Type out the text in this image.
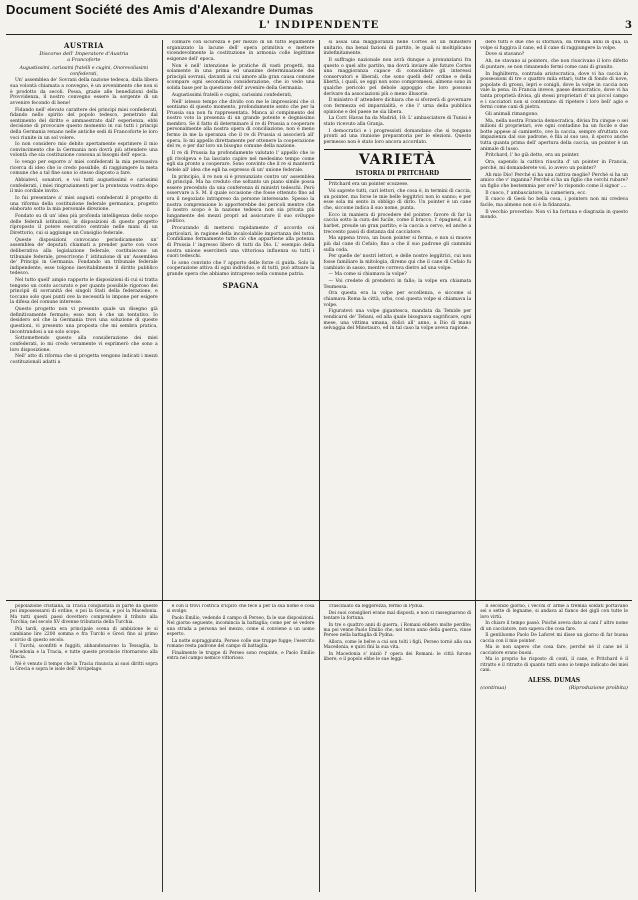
Document Société des Amis d'Alexandre Dumas
L' INDIPENDENTE	3
AUSTRIA
Discorso dell' Imperatore d'Austria
a Francoforte

Augustissimi, carissimi fratelli e cugini, Onorevolissimi confederati,

Un' assemblea de' Sovrani della nazione tedesca, dalla libera sua volontà chiamata a convegno, è un avvenimento che non si è prodotto da secoli. Possa, grazie alle benedizioni della Provvidenza, il nostro convegno essere la sorgente di un avvenire fecondo di bene!

Fidando nell' elevato carattere dei principi miei confederati, fidando nello spirito del popolo tedesco, penetrato dal sentimento del diritto e ammaestrato dall' esperienza, ebbi decisione di provocare questo momento in cui tutti i principi della Germania renano nelle antiche sedi di Francoforte le loro voci riunite in un sol volere.

Io non considero mio debito apertamente esprimere il mio convincimento che la Germania non dovrà più attendere una volontà che sia costituzione consona ai bisogni dell' epoca.

Io vengo per esporre a' miei confederati la mia persuasiva ricerca di ideo che io credo possibile, di raggiungere la meta comune che a tal fine sono io stesso disposto a fare.

Abbiatevi, sonatori, e voi tutti augustissimi e carissimi confederati, i miei ringraziamenti per la prontezza vostra dopo il mio cordiale invito.

Io fui presentare a' miei augusti confederati il progetto di una riforma della costituzione federale germanica, progetto elaborato sotto la mia personale direzione.

Fondato su di un' idea più profonda intelligenza dello scopo delle federali istituzioni, lo disposizioni di questo progetto riproposto il potere esecutivo centrale nelle mani di un Direttorio, cui si aggiunge un Consiglio federale.

Queste disposizioni convocano periodicamente un' assemblea de' deputati chiamati a prender parte con voce deliberativa alla legislazione federale, costituiscono un tribunale federale, prescrivono l' istituzione di un' Assemblea de' Principi in Germania. Fondando un tribunale federale indipendente, esse tolgono inevitabilmente il diritto pubblico tedesco.

Nel tutto quell' ampio rapporto le disposizioni di cui si tratta tengono un conto accurato e per quanto possibile rigoroso dei principii di sovranità dei singoli Stati della federazione, e toccano solo quei punti ove la necessità lo impone per esigere la difesa del comune interesse.

Questo progetto non vi presento quale un disegno già definitivamente fermato; esso non è che un tentativo. Io desidero sol che la Germania trovi una soluzione di queste questioni, vi presento una proposta che mi sembra pratica, incontrandosi a un solo scopo.

Sottomettendo questo alla considerazione dei miei confederati, io mi credo veramente vi esprimerò che sono a loro disposizione.

Nell' atto di riforma che si progetta vengono indicati i mezzi costituzionali adatti a

colmare con sicurezza e per mezzo di un tutto legalmente organizzato la lacune dell' opera primitiva e mettere vicendevolmente la costituzione in armonia colle legittime esigenze dell' epoca.

Non è nell' intenzione le pratiche di vasti progetti, ma solamente in una prima ed unanime determinazione dei principii sovrani, davanti ai cui amore alla gran causa comune scompare ogni secondaria considerazione, che io vedo una solida base per la questione dell' avvenire della Germania.

Augustissimi fratelli e cugini, carissimi confederati,

Nell' istesso tempo che divido con me le impressioni che ci sentiamo di questo momento, profondamente sento che per la Prussia sua non fu rappresentata. Manca al compimento del nostro voto la presenza di un grande potente e degnissimo membro. Se il fatto di determinare il re di Prussia a cooperare personalmente alla nostra opera di conciliazione, non è meno fermo in me la speranza che il re di Prussia si associerà all' opera. Io mi appello direttamente per ottenere la cooperazione del re, e per dar loro un bisogno comune della nazione.

Il re di Prussia ha profondamente valutato l' appello che io gli rivolgeva e ha lasciato capire nel medesimo tempo come egli sia pronto a cooperare. Sono convinto che il re si manterrà fedele all' idea che egli ha espresso di un' unione federale.

In principio, il re non si è pronunziato contro un' assemblea di principii. Ma ha creduto che soltanto un piano simile possa essere preceduto da una conferenza di ministri tedeschi. Però osservare a S. M. il quale occasione che fosse ottenuto fino ad ora il negoziato intrapreso da persone interessate. Spesso la nostra comprensione lo apporterebbe dei pericoli mentre che il nostro scopo è la nazione tedesca non sia privata più lungamente dei mezzi propri ad assicurare il suo sviluppo politico.

Procurando di mettersi rapidamente d' accordo coi particolari, in ragione della incalcolabile importanza del tutto. Confidiamo fermamente tutto ciò che appartiene alla potenza di Prussia l' ingresso libero di tutti da Dio. L' esempio della nostra unione eserciterà una vittoriosa influenza su tutti i cuori tedeschi.

Io sono convinto che l' apporto delle forze ci guida. Solo la cooperazione attiva di ogni individuo, e di tutti, può attuare la grande opera che abbiamo intrapreso nella comune patria.

SPAGNA

si assai una maggioranza nelle Cortes od un ministero unitario, ma benal fazioni di partito, le quali si moltiplicano indefinitamente.

Il suffragio nazionale non avrà dunque a pronunziarsi fra questo o quel alto partito, ma dovrà inviare alle future Cortes una maggioranza capace di consolidare gli interessi conservatori e liberali, che sono quelli dell' ordine e della libertà, i quali, se oggi non sono compromessi, almeno sono in qualche pericolo pel debole appoggio che loro possono derivare da associazioni più o meno illusorie.

Il ministro d' attendere dichiara che si sforzerà di governare con fermezza ed imparzialità, e che l' urna della pubblica opinione e del paese ne sia libera.

La Corr. Havas ha da Madrid, 18: L' ambasciatore di Tunisi è stato ricevuto alla Granja.

I democratici e i progressisti domandano che si tengano pronti ad una riunione preparatoria per le elezioni. Questo permesso non è stato loro ancora accordato.

VARIETÀ
ISTORIA DI PRITCHARD

Pritchard era un pointer scozzese.

Voi saprete tutti, cari lettori, che cosa è, in termini di caccia, un pointer, ma forse le mie belle leggitrici non lo sanno; e per esse sola mi sento in obbligo di dirlo. Un pointer è un cane che, siccome indica il suo nome, punta.

Ecco in maniera di procedere del pointer: favore di far la caccia sotto la cura del fucile, come il bracco, l' épagneul, e il barbet, preude un gran partito; e la caccia a cervo, ed anche a treccento passi di distanza dal cacciatore.

Ma appena trova, un buon pointer si ferma, e non si muove più dal cane di Cefalo; fino a che il suo padrone gli cammini sulla coda.

Per quelle de' nostri lettori, e delle nostre leggitrici, cui non fosse familiare la mitologia, diremo qui che il cane di Cefalo fu cambiato in sasso, mentre correva dietro ad una volpe.

— Ma come si chiamava la volpe?

— Voi credete di prenderci in fallo; la volpe era chiamata Teumessa.

Ora questa era la volpe per eccellenza, e siccome si chiamava Roma la città, urbs, così questa volpe si chiamava la volpe.

Figuratevi una volpe gigantesca, mandata da Temide per vendicarsi de' Tebani, ed alla quale bisognava sagrificare, ogni mese, una vittima umana, dolici all' anno, a Dio di mano selvaggia del Minotauro, ed in tal caso la volpe aveva ragione.

dere tutti e due che si stornava, da tremila anni in qua, la volpe si fuggiva il cane, ed il cane di raggiungere la volpe.

Dove si stavano?

Ah, ne stavano ai pointers, che non riuscivano il loro difetto di puntare, se non rimanendo fermi come cani di granito.

In Inghilterra, contrada aristocratica, dove vi ha caccia in possessioni di tre o quattro mila ettari; tutte di fondo di nove, popolate di grossi, lepri e conigli, dove la volpe in caccia non vale la pena. In Francia invece, paese democratico, dove vi ha tanta proprietà divisa, gli stessi proprietari d' un piccol campo e i cacciatori non si contentano di ripetere i loro bell' agio e fermi come cani di pietra.

Gli animali rimangono.

Ma, nella nostra Francia democratica, divisa fra cinque o sei milioni di proprietari, ove ogni contadino ha un fucile e due botte appese al caminetto, ove la caccia, sempre sfruttata con impazienza dal suo padrone, è fila al suo uso, il sporco anche tutta quanta prima dell' apertura della caccia, un pointer è un animale di lusso.

Pritchard, l' ho già detto, era un pointer.

Ora, sapendo la cattiva riuscita d' un pointer in Francia, perché, mi domanderete voi, io avevo un pointer?

Ah mio Dio! Perché si ha una cattiva moglie? Perché si ha un amico che v' inganna? Perché si ha un figlio che cerchi rubare? un figlio che bestemmia per ore? Io rispondo come il signor ....

Il cuoco, l' ambasciatore, la cameriera, ecc.

Il cuoco di Gesù ho bella cosa, i pointers non mi credeva facile, ma almeno non si è la fidanzata.

Il vecchio proverbio: Non vi ha fortuna e disgrazia in questo mondo.

popolazione cristiana, la Tracia conquistata in parte da queste poi impossessarsi di ordine, e poi la Grecia, e poi la Macedonia. Ma tutti questi paesi dovettero comprendere il tributo alla Turchia; nel secolo XV divenne tributaria della Turchia.

Più tardi, questa era principale scena di ambizione le si cambiano lire 2200 somma e fra Turchi e Greci fino al primo scorcio di questo secolo.

I Turchi, sconfitti e fuggiti, abbandonarono la Tessaglia, la Macedonia e la Tracia, e tutte queste provincie ritornarono alla Grecia.

Né è venuto il tempo che la Tracia rinuncia ai suoi diritti sopra la Grecia e sopra le isole dell' Arcipelago.

e con il trovi l'ostrica d'Epiro che fece a per la sua nome e cosa si svolge.

Paolo Emilio, vedendo il campo di Perseo, fa le sue disposizioni. Nel giorno seguente, incomincia la battaglia; come per sé vedere una strada a persona nel mezzo, come si conviene a un uomo esperto.

La notte sopraggiunta, Perseo colle sue truppe fugge; l'esercito romano resta padrone del campo di battaglia.

Finalmente le truppe di Perseo sono respinte, e Paolo Emilio entra nel campo nemico vittorioso.

Trasciniato da leggerezza, fermo in Pydua.

Dei suoi consiglieri erano mal disposti, e non si rassegnarono di tentare la fortuna.

In tre o quattro anni di guerra, i Romani ebbero molte perdite; ma poi venne Paolo Emilio che, nel terzo anno della guerra, vinse Perseo nella battaglia di Pydna.

Allora, come le belve a cui son tolti i figli, Perseo tornò alla sua Macedonia, e quivi finì la sua vita.

In Macedonia s' iniziò l' opera dei Romani: le città furono libere, e il popolo ebbe le sue leggi.

Il secondo giorno, i vecchi d' arme a tremila soldati portavano sei o sette di legname, si andava al fianco dei gigli con tutte le loro virtù.

In chiaro il tempo passò. Poiché aveva dato ai cani l' altro nome di un cacciatore, non sapeva che cosa fare.

Il gentiluomo Paolo De Laforet mi disse un giorno di far buona caccia con il mio pointer.

Ma io non sapevo che cosa fare, perché né il cane né il cacciatore erano buoni.

Ma io proprio ho risposto di conti, il cane, e Pritchard è il ritratto e il ritratto di quanto tutti sono io tempo indicato dei miei cani.

ALESS. DUMAS
(continua)	(Riproduzione proibita)
